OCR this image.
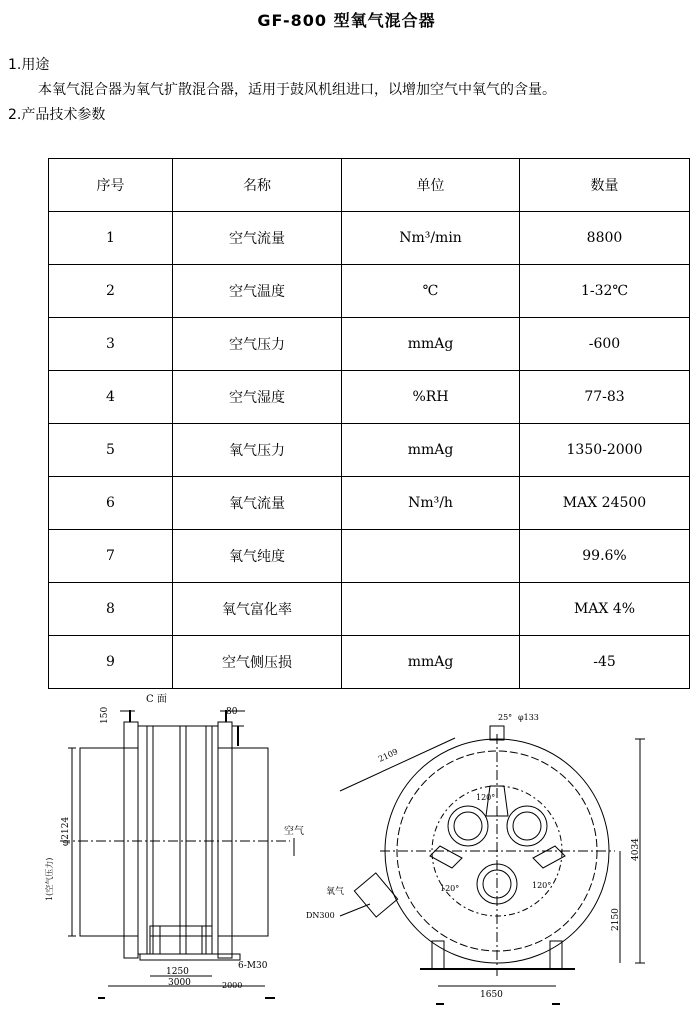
GF-800 型氧气混合器
1.用途
本氧气混合器为氧气扩散混合器，适用于鼓风机组进口，以增加空气中氧气的含量。
2.产品技术参数
序号	名称	单位	数量
1	空气流量	Nm³/min	8800
2	空气温度	℃	1-32℃
3	空气压力	mmAg	-600
4	空气湿度	%RH	77-83
5	氧气压力	mmAg	1350-2000
6	氧气流量	Nm³/h	MAX 24500
7	氧气纯度		99.6%
8	氧气富化率		MAX 4%
9	空气侧压损	mmAg	-45
C 面
150	80
φ2124
1(空气压力)
6-M30
1250
3000	2000
25° φ133
2109
空气
氧气
DN300
120°
120°	120°
4034
2150
1650
